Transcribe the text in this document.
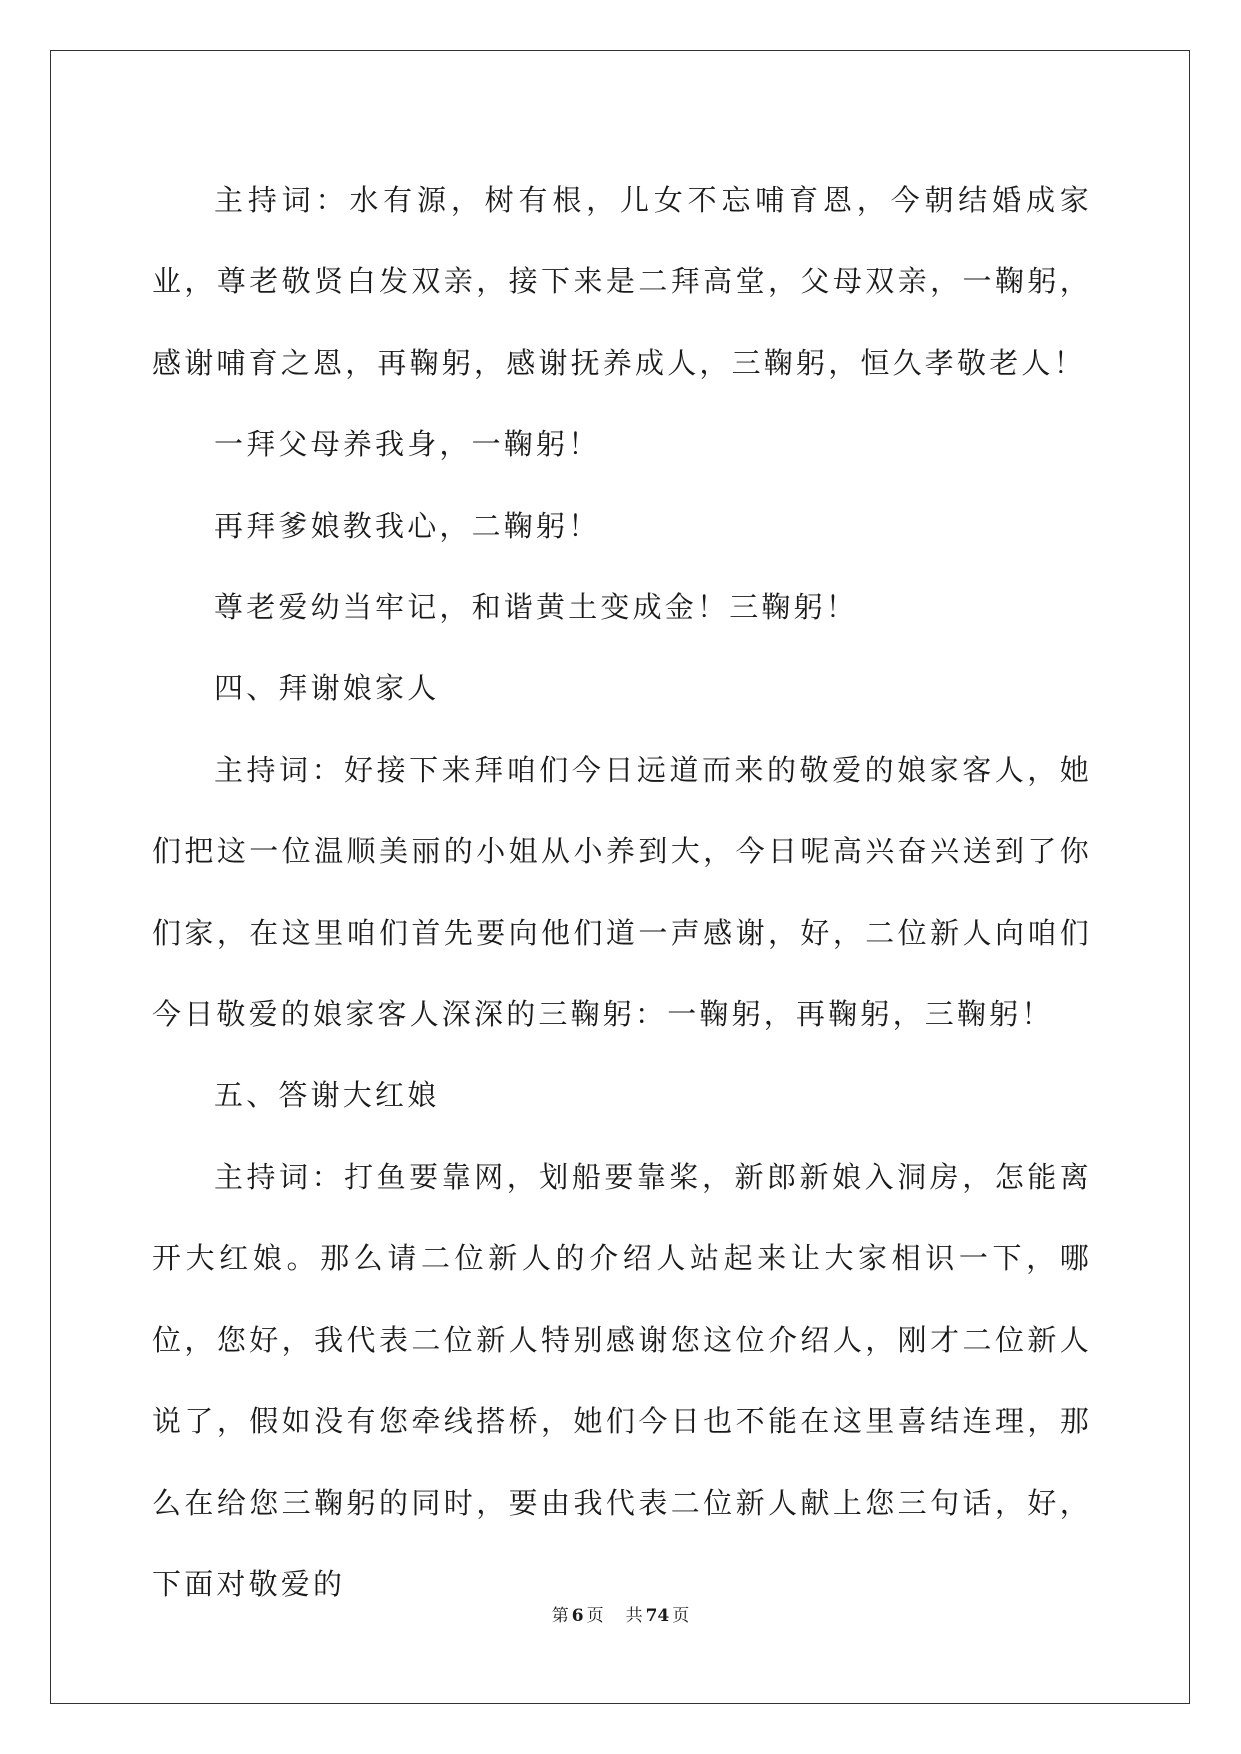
主持词：水有源，树有根，儿女不忘哺育恩，今朝结婚成家业，尊老敬贤白发双亲，接下来是二拜高堂，父母双亲，一鞠躬，感谢哺育之恩，再鞠躬，感谢抚养成人，三鞠躬，恒久孝敬老人！

一拜父母养我身，一鞠躬！

再拜爹娘教我心，二鞠躬！

尊老爱幼当牢记，和谐黄土变成金！三鞠躬！

四、拜谢娘家人

主持词：好接下来拜咱们今日远道而来的敬爱的娘家客人，她们把这一位温顺美丽的小姐从小养到大，今日呢高兴奋兴送到了你们家，在这里咱们首先要向他们道一声感谢，好，二位新人向咱们今日敬爱的娘家客人深深的三鞠躬：一鞠躬，再鞠躬，三鞠躬！

五、答谢大红娘

主持词：打鱼要靠网，划船要靠桨，新郎新娘入洞房，怎能离开大红娘。那么请二位新人的介绍人站起来让大家相识一下，哪位，您好，我代表二位新人特别感谢您这位介绍人，刚才二位新人说了，假如没有您牵线搭桥，她们今日也不能在这里喜结连理，那么在给您三鞠躬的同时，要由我代表二位新人献上您三句话，好，下面对敬爱的

第 6 页 共 74 页
